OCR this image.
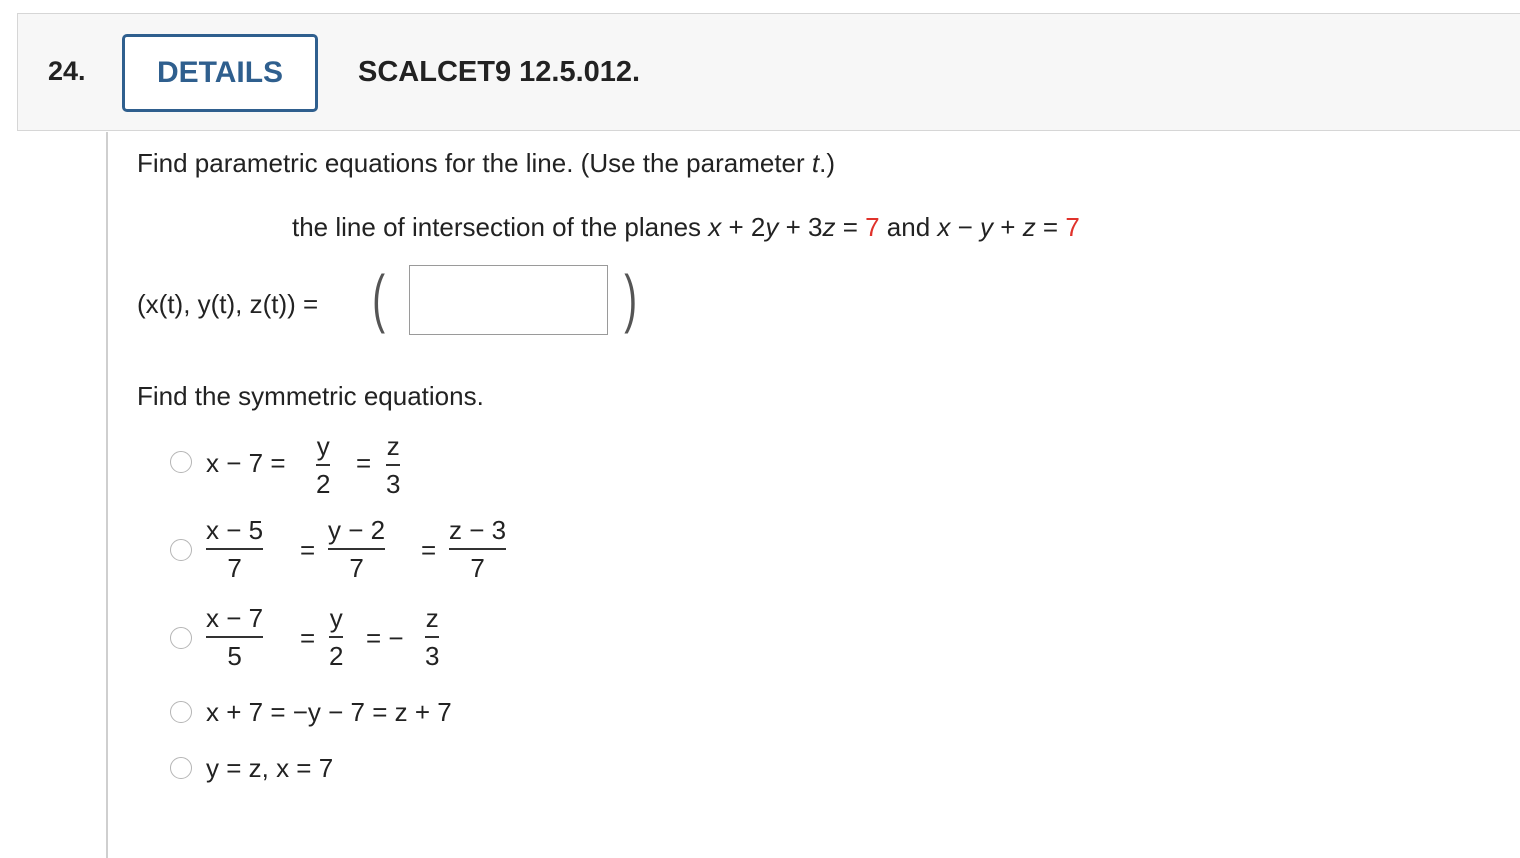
24.	DETAILS	SCALCET9 12.5.012.
Find parametric equations for the line. (Use the parameter t.)
the line of intersection of the planes x + 2y + 3z = 7 and x − y + z = 7
(x(t), y(t), z(t)) = (	)
Find the symmetric equations.
x − 7 =
y
2
=
z
3
x − 5
7
=
y − 2
7
=
z − 3
7
x − 7
5
=
y
2
= −
z
3
x + 7 = −y − 7 = z + 7
y = z, x = 7
